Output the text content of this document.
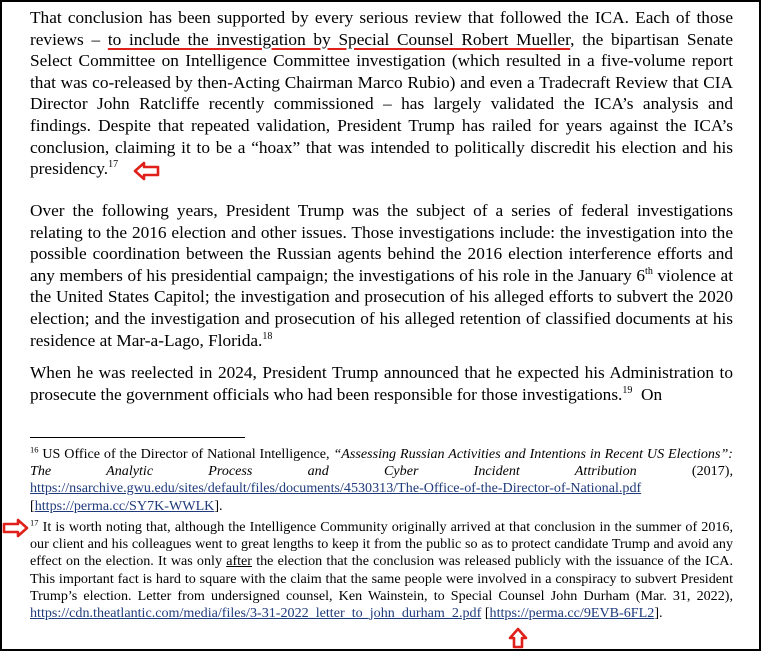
That conclusion has been supported by every serious review that followed the ICA. Each of those reviews – to include the investigation by Special Counsel Robert Mueller, the bipartisan Senate Select Committee on Intelligence Committee investigation (which resulted in a five-volume report that was co-released by then-Acting Chairman Marco Rubio) and even a Tradecraft Review that CIA Director John Ratcliffe recently commissioned – has largely validated the ICA’s analysis and findings. Despite that repeated validation, President Trump has railed for years against the ICA’s conclusion, claiming it to be a “hoax” that was intended to politically discredit his election and his presidency.$^{17}$

Over the following years, President Trump was the subject of a series of federal investigations relating to the 2016 election and other issues. Those investigations include: the investigation into the possible coordination between the Russian agents behind the 2016 election interference efforts and any members of his presidential campaign; the investigations of his role in the January 6th violence at the United States Capitol; the investigation and prosecution of his alleged efforts to subvert the 2020 election; and the investigation and prosecution of his alleged retention of classified documents at his residence at Mar-a-Lago, Florida.$^{18}$

When he was reelected in 2024, President Trump announced that he expected his Administration to prosecute the government officials who had been responsible for those investigations.$^{19}$  On

$^{16}$ US Office of the Director of National Intelligence, “Assessing Russian Activities and Intentions in Recent US Elections”: The Analytic Process and Cyber Incident Attribution (2017), https://nsarchive.gwu.edu/sites/default/files/documents/4530313/The-Office-of-the-Director-of-National.pdf [https://perma.cc/SY7K-WWLK].

$^{17}$ It is worth noting that, although the Intelligence Community originally arrived at that conclusion in the summer of 2016, our client and his colleagues went to great lengths to keep it from the public so as to protect candidate Trump and avoid any effect on the election. It was only after the election that the conclusion was released publicly with the issuance of the ICA. This important fact is hard to square with the claim that the same people were involved in a conspiracy to subvert President Trump’s election. Letter from undersigned counsel, Ken Wainstein, to Special Counsel John Durham (Mar. 31, 2022), https://cdn.theatlantic.com/media/files/3-31-2022_letter_to_john_durham_2.pdf [https://perma.cc/9EVB-6FL2].
